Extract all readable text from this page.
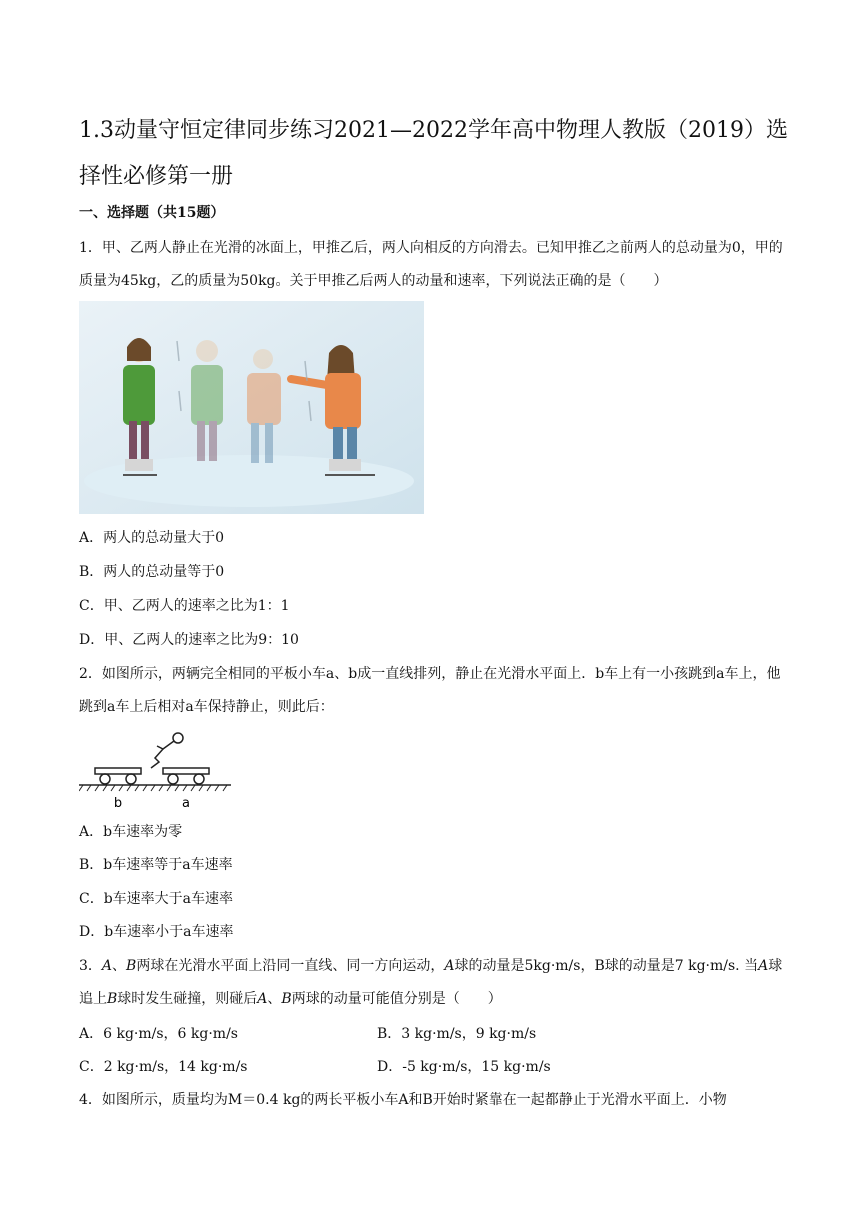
1.3动量守恒定律同步练习2021—2022学年高中物理人教版（2019）选择性必修第一册
一、选择题（共15题）
1．甲、乙两人静止在光滑的冰面上，甲推乙后，两人向相反的方向滑去。已知甲推乙之前两人的总动量为0，甲的质量为45kg，乙的质量为50kg。关于甲推乙后两人的动量和速率，下列说法正确的是（　　）
A．两人的总动量大于0
B．两人的总动量等于0
C．甲、乙两人的速率之比为1：1
D．甲、乙两人的速率之比为9：10
2．如图所示，两辆完全相同的平板小车a、b成一直线排列，静止在光滑水平面上．b车上有一小孩跳到a车上，他跳到a车上后相对a车保持静止，则此后：
b	a
A．b车速率为零
B．b车速率等于a车速率
C．b车速率大于a车速率
D．b车速率小于a车速率
3．A、B两球在光滑水平面上沿同一直线、同一方向运动，A球的动量是5kg·m/s，B球的动量是7 kg·m/s. 当A球追上B球时发生碰撞，则碰后A、B两球的动量可能值分别是（　　）
A．6 kg·m/s，6 kg·m/s	B．3 kg·m/s，9 kg·m/s
C．2 kg·m/s，14 kg·m/s	D．-5 kg·m/s，15 kg·m/s
4．如图所示，质量均为M＝0.4 kg的两长平板小车A和B开始时紧靠在一起都静止于光滑水平面上．小物
